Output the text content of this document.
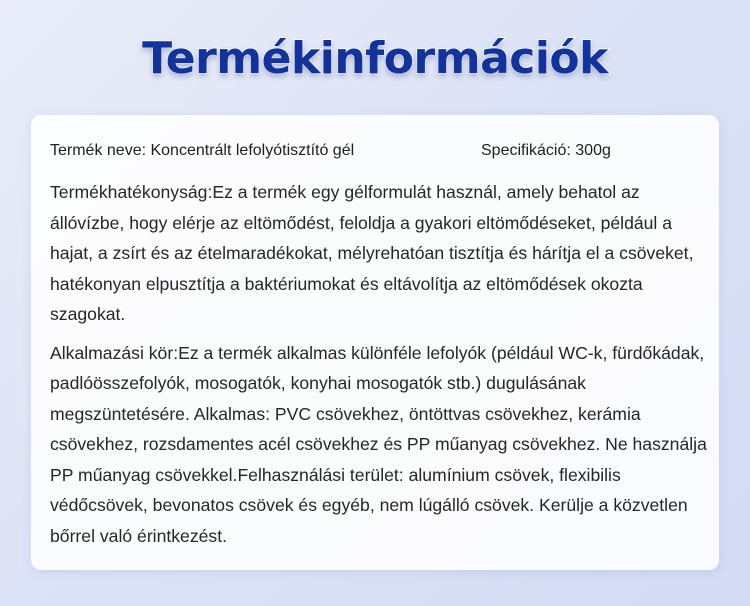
Termékinformációk
Termék neve: Koncentrált lefolyótisztító gél	Specifikáció: 300g

Termékhatékonyság:Ez a termék egy gélformulát használ, amely behatol az állóvízbe, hogy elérje az eltömődést, feloldja a gyakori eltömődéseket, például a hajat, a zsírt és az ételmaradékokat, mélyrehatóan tisztítja és hárítja el a csöveket, hatékonyan elpusztítja a baktériumokat és eltávolítja az eltömődések okozta szagokat.

Alkalmazási kör:Ez a termék alkalmas különféle lefolyók (például WC-k, fürdőkádak, padlóösszefolyók, mosogatók, konyhai mosogatók stb.) dugulásának megszüntetésére. Alkalmas: PVC csövekhez, öntöttvas csövekhez, kerámia csövekhez, rozsdamentes acél csövekhez és PP műanyag csövekhez. Ne használja PP műanyag csövekkel.Felhasználási terület: alumínium csövek, flexibilis védőcsövek, bevonatos csövek és egyéb, nem lúgálló csövek. Kerülje a közvetlen bőrrel való érintkezést.
